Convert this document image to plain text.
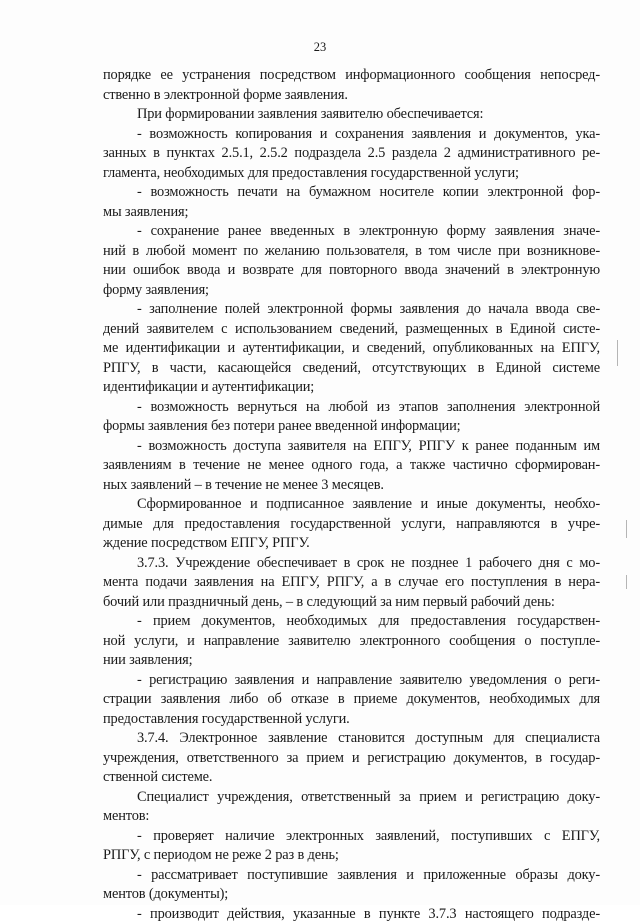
23
порядке ее устранения посредством информационного сообщения непосред-
ственно в электронной форме заявления.
При формировании заявления заявителю обеспечивается:
- возможность копирования и сохранения заявления и документов, ука-
занных в пунктах 2.5.1, 2.5.2 подраздела 2.5 раздела 2 административного ре-
гламента, необходимых для предоставления государственной услуги;
- возможность печати на бумажном носителе копии электронной фор-
мы заявления;
- сохранение ранее введенных в электронную форму заявления значе-
ний в любой момент по желанию пользователя, в том числе при возникнове-
нии ошибок ввода и возврате для повторного ввода значений в электронную
форму заявления;
- заполнение полей электронной формы заявления до начала ввода све-
дений заявителем с использованием сведений, размещенных в Единой систе-
ме идентификации и аутентификации, и сведений, опубликованных на ЕПГУ,
РПГУ, в части, касающейся сведений, отсутствующих в Единой системе
идентификации и аутентификации;
- возможность вернуться на любой из этапов заполнения электронной
формы заявления без потери ранее введенной информации;
- возможность доступа заявителя на ЕПГУ, РПГУ к ранее поданным им
заявлениям в течение не менее одного года, а также частично сформирован-
ных заявлений – в течение не менее 3 месяцев.
Сформированное и подписанное заявление и иные документы, необхо-
димые для предоставления государственной услуги, направляются в учре-
ждение посредством ЕПГУ, РПГУ.
3.7.3. Учреждение обеспечивает в срок не позднее 1 рабочего дня с мо-
мента подачи заявления на ЕПГУ, РПГУ, а в случае его поступления в нера-
бочий или праздничный день, – в следующий за ним первый рабочий день:
- прием документов, необходимых для предоставления государствен-
ной услуги, и направление заявителю электронного сообщения о поступле-
нии заявления;
- регистрацию заявления и направление заявителю уведомления о реги-
страции заявления либо об отказе в приеме документов, необходимых для
предоставления государственной услуги.
3.7.4. Электронное заявление становится доступным для специалиста
учреждения, ответственного за прием и регистрацию документов, в государ-
ственной системе.
Специалист учреждения, ответственный за прием и регистрацию доку-
ментов:
- проверяет наличие электронных заявлений, поступивших с ЕПГУ,
РПГУ, с периодом не реже 2 раз в день;
- рассматривает поступившие заявления и приложенные образы доку-
ментов (документы);
- производит действия, указанные в пункте 3.7.3 настоящего подразде-
